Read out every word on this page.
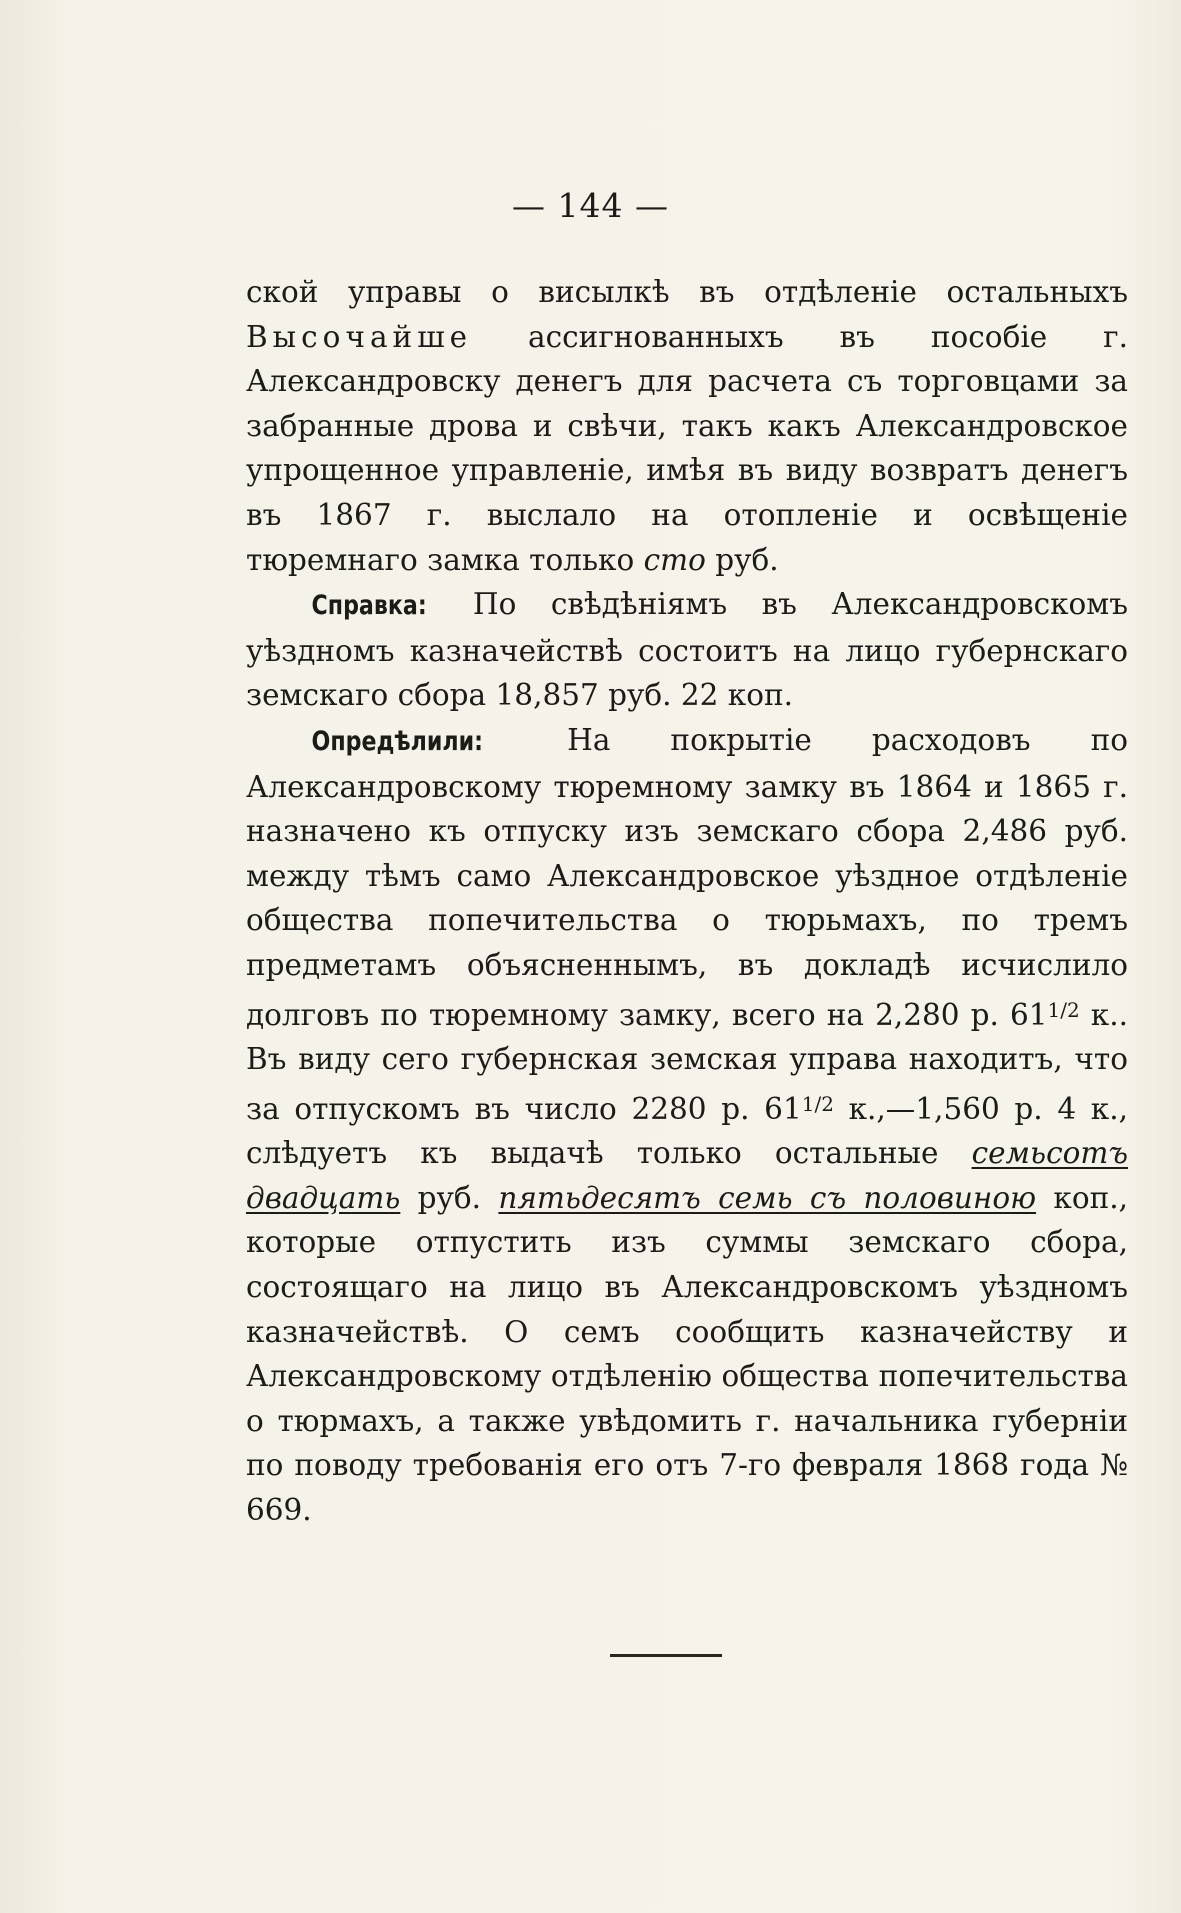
— 144 —

ской управы о висылкѣ въ отдѣленіе остальныхъ Высочайше ассигнованныхъ въ пособіе г. Александровску денегъ для расчета съ торговцами за забранные дрова и свѣчи, такъ какъ Александровское упрощенное управленіе, имѣя въ виду возвратъ денегъ въ 1867 г. выслало на отопленіе и освѣщеніе тюремнаго замка только сто руб.

Справка: По свѣдѣніямъ въ Александровскомъ уѣздномъ казначействѣ состоитъ на лицо губернскаго земскаго сбора 18,857 руб. 22 коп.

Опредѣлили: На покрытіе расходовъ по Александровскому тюремному замку въ 1864 и 1865 г. назначено къ отпуску изъ земскаго сбора 2,486 руб. между тѣмъ само Александровское уѣздное отдѣленіе общества попечительства о тюрьмахъ, по тремъ предметамъ объясненнымъ, въ докладѣ исчислило долговъ по тюремному замку, всего на 2,280 р. $61^{1/2}$ к.. Въ виду сего губернская земская управа находитъ, что за отпускомъ въ число 2280 р. $61^{1/2}$ к.,—1,560 р. 4 к., слѣдуетъ къ выдачѣ только остальные семьсотъ двадцать руб. пятьдесятъ семь съ половиною коп., которые отпустить изъ суммы земскаго сбора, состоящаго на лицо въ Александровскомъ уѣздномъ казначействѣ. О семъ сообщить казначейству и Александровскому отдѣленію общества попечительства о тюрмахъ, а также увѣдомить г. начальника губерніи по поводу требованія его отъ 7-го февраля 1868 года № 669.
